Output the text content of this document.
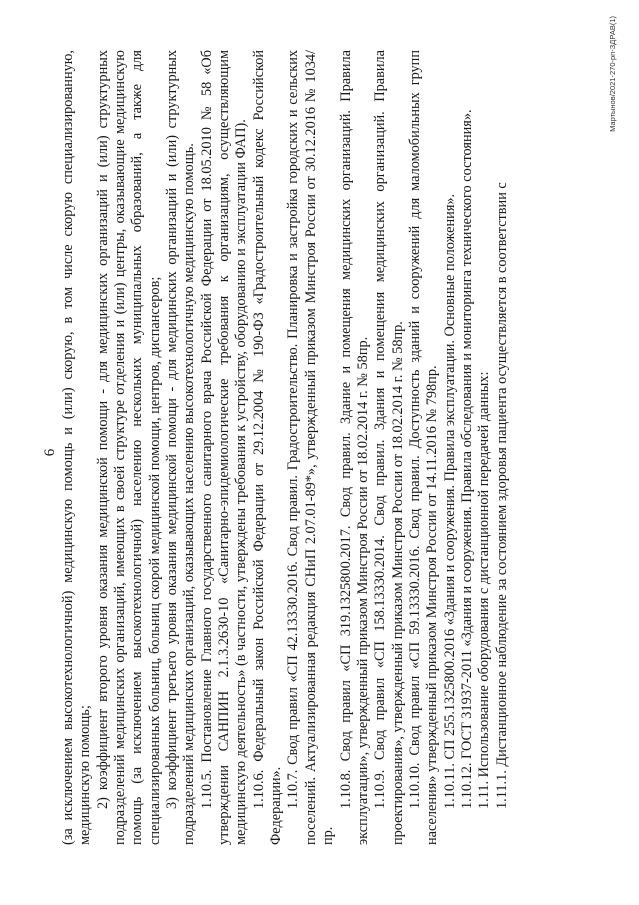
6 (за исключением высокотехнологичной) медицинскую помощь и (или) скорую, в том числе скорую специализированную, медицинскую помощь; 2) коэффициент второго уровня оказания медицинской помощи - для медицинских организаций и (или) структурных подразделений медицинских организаций, имеющих в своей структуре отделения и (или) центры, оказывающие медицинскую помощь (за исключением высокотехнологичной) населению нескольких муниципальных образований, а также для специализированных больниц, больниц скорой медицинской помощи, центров, диспансеров; 3) коэффициент третьего уровня оказания медицинской помощи - для медицинских организаций и (или) структурных подразделений медицинских организаций, оказывающих населению высокотехнологичную медицинскую помощь. 1.10.5. Постановление Главного государственного санитарного врача Российской Федерации от 18.05.2010 № 58 «Об утверждении САНПИН 2.1.3.2630-10 «Санитарно-эпидемиологические требования к организациям, осуществляющим медицинскую деятельность» (в частности, утверждены требования к устройству, оборудованию и эксплуатации ФАП). 1.10.6. Федеральный закон Российской Федерации от 29.12.2004 № 190-ФЗ «Градостроительный кодекс Российской Федерации». 1.10.7. Свод правил «СП 42.13330.2016. Свод правил. Градостроительство. Планировка и застройка городских и сельских поселений. Актуализированная редакция СНиП 2.07.01-89*», утвержденный приказом Минстроя России от 30.12.2016 № 1034/пр.

1.10.8. Свод правил «СП 319.1325800.2017. Свод правил. Здание и помещения медицинских организаций. Правила эксплуатации», утвержденный приказом Минстроя России от 18.02.2014 г. № 58пр. 1.10.9. Свод правил «СП 158.13330.2014. Свод правил. Здания и помещения медицинских организаций. Правила проектирования», утвержденный приказом Минстроя России от 18.02.2014 г. № 58пр. 1.10.10. Свод правил «СП 59.13330.2016. Свод правил. Доступность зданий и сооружений для маломобильных групп населения» утвержденный приказом Минстроя России от 14.11.2016 № 798пр. 1.10.11. СП 255.1325800.2016 «Здания и сооружения. Правила эксплуатации. Основные положения». 1.10.12. ГОСТ 31937-2011 «Здания и сооружения. Правила обследования и мониторинга технического состояния». 1.11. Использование оборудования с дистанционной передачей данных: 1.11.1. Дистанционное наблюдение за состоянием здоровья пациента осуществляется в соответствии с

Мартынов/2021-270-рп-ЗДРАВ(1)
